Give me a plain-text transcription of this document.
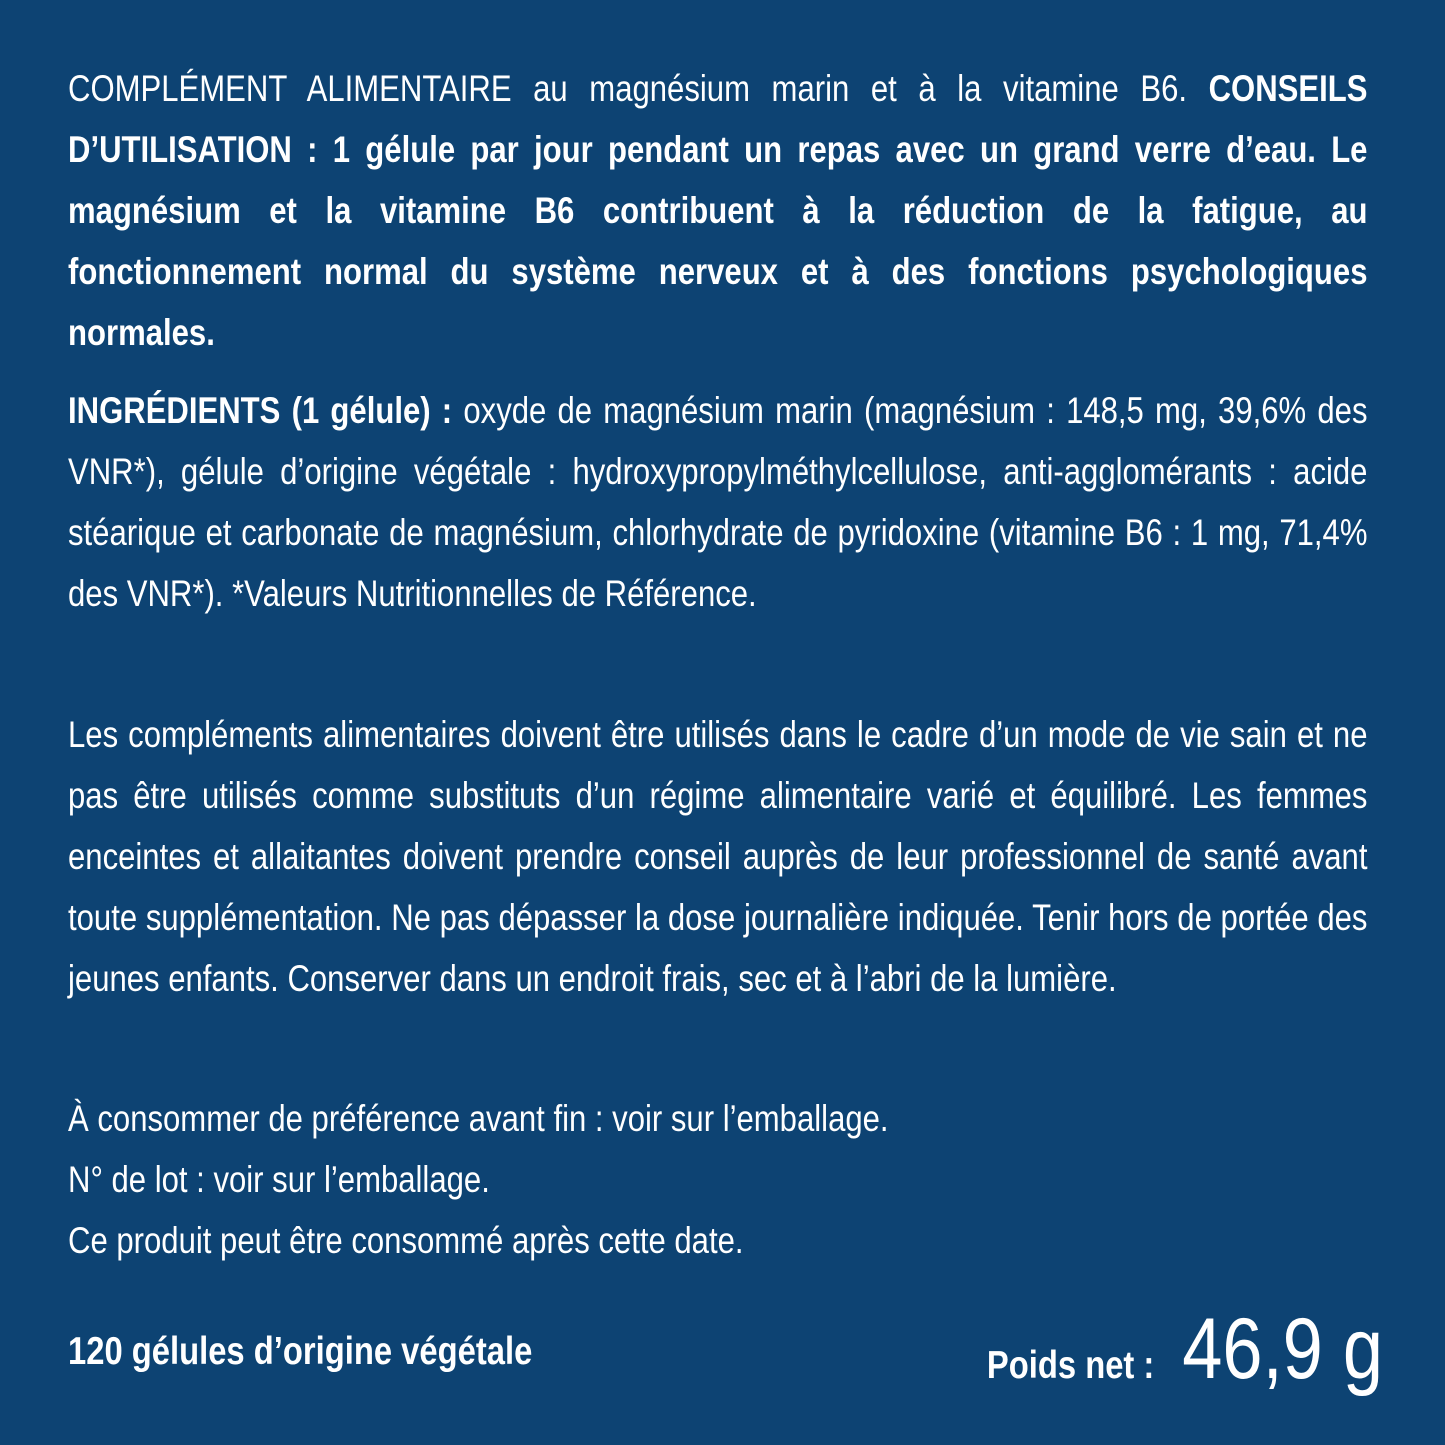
COMPLÉMENT ALIMENTAIRE au magnésium marin et à la vitamine B6. CONSEILS D’UTILISATION : 1 gélule par jour pendant un repas avec un grand verre d’eau. Le magnésium et la vitamine B6 contribuent à la réduction de la fatigue, au fonctionnement normal du système nerveux et à des fonctions psychologiques normales.

INGRÉDIENTS (1 gélule) : oxyde de magnésium marin (magnésium : 148,5 mg, 39,6% des VNR*), gélule d’origine végétale : hydroxypropylméthylcellulose, anti-agglomérants : acide stéarique et carbonate de magnésium, chlorhydrate de pyridoxine (vitamine B6 : 1 mg, 71,4% des VNR*). *Valeurs Nutritionnelles de Référence.

Les compléments alimentaires doivent être utilisés dans le cadre d’un mode de vie sain et ne pas être utilisés comme substituts d’un régime alimentaire varié et équilibré. Les femmes enceintes et allaitantes doivent prendre conseil auprès de leur professionnel de santé avant toute supplémentation. Ne pas dépasser la dose journalière indiquée. Tenir hors de portée des jeunes enfants. Conserver dans un endroit frais, sec et à l’abri de la lumière.

À consommer de préférence avant fin : voir sur l’emballage.
N° de lot : voir sur l’emballage.
Ce produit peut être consommé après cette date.

120 gélules d’origine végétale	Poids net : 46,9 g
